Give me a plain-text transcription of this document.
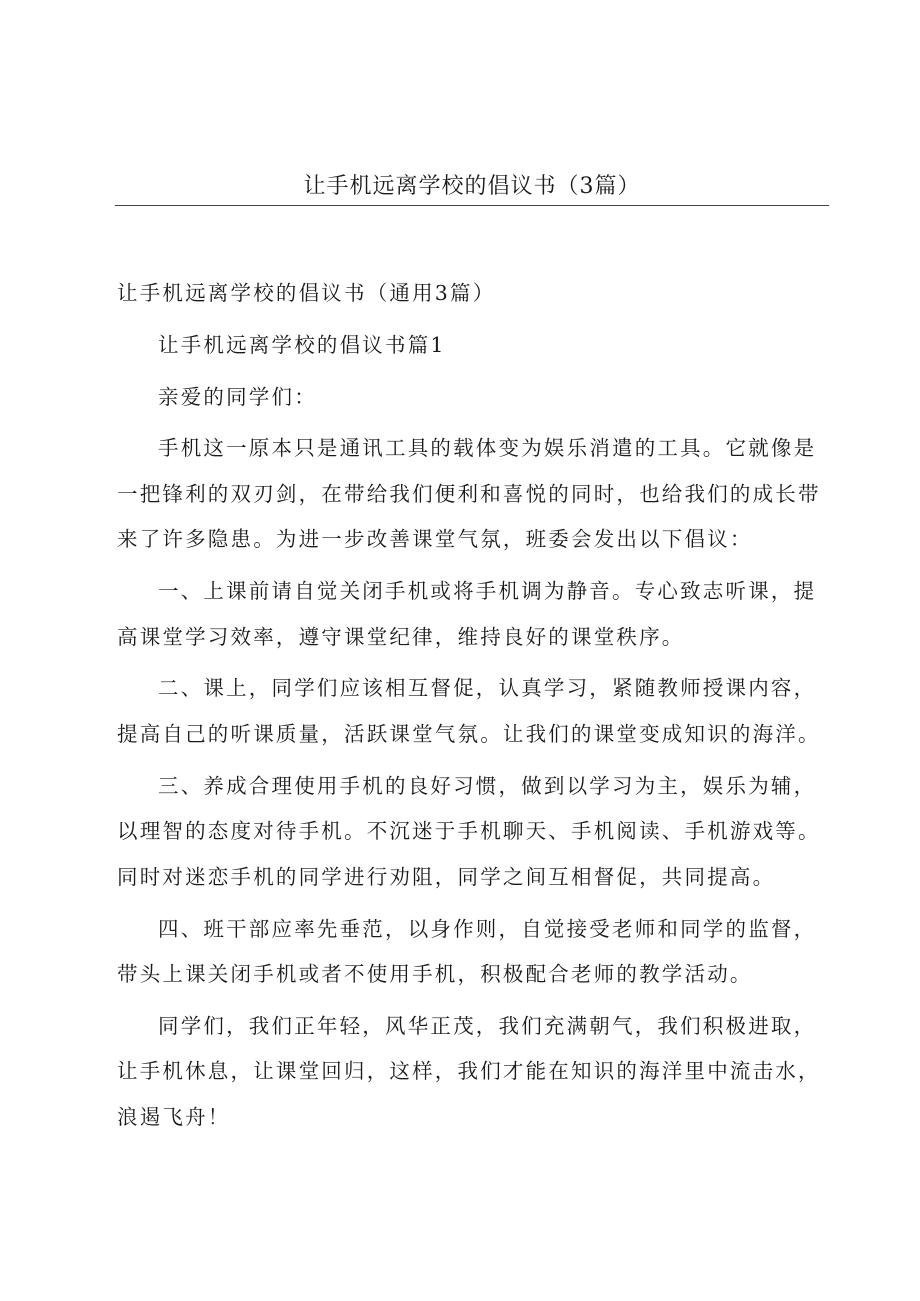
让手机远离学校的倡议书（3篇）

让手机远离学校的倡议书（通用3篇）

让手机远离学校的倡议书篇1

亲爱的同学们：

手机这一原本只是通讯工具的载体变为娱乐消遣的工具。它就像是一把锋利的双刃剑，在带给我们便利和喜悦的同时，也给我们的成长带来了许多隐患。为进一步改善课堂气氛，班委会发出以下倡议：

一、上课前请自觉关闭手机或将手机调为静音。专心致志听课，提高课堂学习效率，遵守课堂纪律，维持良好的课堂秩序。

二、课上，同学们应该相互督促，认真学习，紧随教师授课内容，提高自己的听课质量，活跃课堂气氛。让我们的课堂变成知识的海洋。

三、养成合理使用手机的良好习惯，做到以学习为主，娱乐为辅，以理智的态度对待手机。不沉迷于手机聊天、手机阅读、手机游戏等。同时对迷恋手机的同学进行劝阻，同学之间互相督促，共同提高。

四、班干部应率先垂范，以身作则，自觉接受老师和同学的监督，带头上课关闭手机或者不使用手机，积极配合老师的教学活动。

同学们，我们正年轻，风华正茂，我们充满朝气，我们积极进取，让手机休息，让课堂回归，这样，我们才能在知识的海洋里中流击水，浪遏飞舟！
